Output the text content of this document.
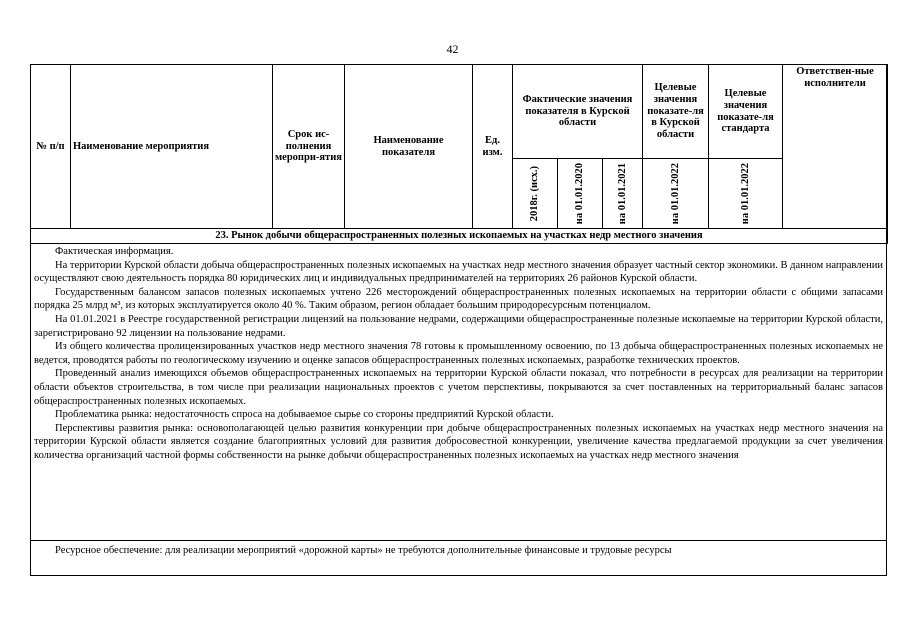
42
№ п/п	Наименование мероприятия	Срок ис-полнения меропри-ятия	Наименование показателя	Ед. изм.	Фактические значения показателя в Курской области			Целевые значения показате-ля в Курской области	Целевые значения показате-ля стандарта	Ответствен-ные исполнители

					2018г. (исх.)	на 01.01.2020	на 01.01.2021	на 01.01.2022	на 01.01.2022	

23. Рынок добычи общераспространенных полезных ископаемых на участках недр местного значения										

Фактическая информация.

На территории Курской области добыча общераспространенных полезных ископаемых на участках недр местного значения образует частный сектор экономики. В данном направлении осуществляют свою деятельность порядка 80 юридических лиц и индивидуальных предпринимателей на территориях 26 районов Курской области.

Государственным балансом запасов полезных ископаемых учтено 226 месторождений общераспространенных полезных ископаемых на территории области с общими запасами порядка 25 млрд м³, из которых эксплуатируется около 40 %. Таким образом, регион обладает большим природоресурсным потенциалом.

На 01.01.2021 в Реестре государственной регистрации лицензий на пользование недрами, содержащими общераспространенные полезные ископаемые на территории Курской области, зарегистрировано 92 лицензии на пользование недрами.

Из общего количества пролицензированных участков недр местного значения 78 готовы к промышленному освоению, по 13 добыча общераспространенных полезных ископаемых не ведется, проводятся работы по геологическому изучению и оценке запасов общераспространенных полезных ископаемых, разработке технических проектов.

Проведенный анализ имеющихся объемов общераспространенных ископаемых на территории Курской области показал, что потребности в ресурсах для реализации на территории области объектов строительства, в том числе при реализации национальных проектов с учетом перспективы, покрываются за счет поставленных на территориальный баланс запасов общераспространенных полезных ископаемых.

Проблематика рынка: недостаточность спроса на добываемое сырье со стороны предприятий Курской области.

Перспективы развития рынка: основополагающей целью развития конкуренции при добыче общераспространенных полезных ископаемых на участках недр местного значения на территории Курской области является создание благоприятных условий для развития добросовестной конкуренции, увеличение качества предлагаемой продукции за счет увеличения количества организаций частной формы собственности на рынке добычи общераспространенных полезных ископаемых на участках недр местного значения

Ресурсное обеспечение: для реализации мероприятий «дорожной карты» не требуются дополнительные финансовые и трудовые ресурсы
